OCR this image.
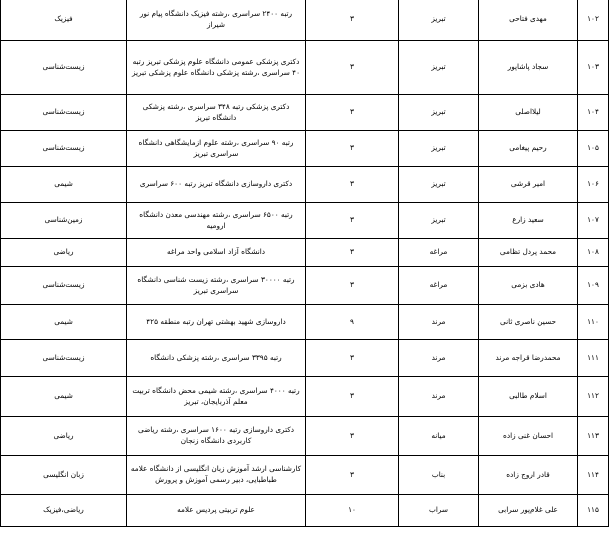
۱۰۲	مهدی فتاحی	تبریز	۳	رتبه ۲۴۰۰ سراسری ،رشته فیزیک دانشگاه پیام نور شیراز	فیزیک
۱۰۳	سجاد پاشاپور	تبریز	۳	دکتری پزشکی عمومی دانشگاه علوم پزشکی تبریز رتبه ۴۰ سراسری ،رشته پزشکی دانشگاه علوم پزشکی تبریز	زیست‌شناسی
۱۰۴	لیلااصلی	تبریز	۳	دکتری پزشکی رتبه ۳۴۸ سراسری ،رشته پزشکی دانشگاه تبریز	زیست‌شناسی
۱۰۵	رحیم پیغامی	تبریز	۳	رتبه ۹۰ سراسری ،رشته علوم ازمایشگاهی دانشگاه سراسری تبریز	زیست‌شناسی
۱۰۶	امیر قرشی	تبریز	۳	دکتری داروسازی دانشگاه تبریز رتبه ۶۰۰ سراسری	شیمی
۱۰۷	سعید زارع	تبریز	۳	رتبه ۶۵۰۰ سراسری ،رشته مهندسی معدن دانشگاه ارومیه	زمین‌شناسی
۱۰۸	محمد پردل تظامی	مراغه	۳	دانشگاه آزاد اسلامی واحد مراغه	ریاضی
۱۰۹	هادی بزمی	مراغه	۳	رتبه ۳۰۰۰۰ سراسری ،رشته زیست شناسی دانشگاه سراسری تبریز	زیست‌شناسی
۱۱۰	حسین ناصری ثانی	مرند	۹	داروسازی شهید بهشتی تهران رتبه منطقه ۴۲۵	شیمی
۱۱۱	محمدرضا قراجه مرند	مرند	۳	رتبه ۳۳۹۵ سراسری ،رشته پزشکی دانشگاه	زیست‌شناسی
۱۱۲	اسلام طالبی	مرند	۳	رتبه ۴۰۰۰ سراسری ،رشته شیمی محض دانشگاه تربیت معلم آذربایجان، تبریز	شیمی
۱۱۳	احسان غنی زاده	میانه	۳	دکتری داروسازی رتبه ۱۶۰۰ سراسری ،رشته ریاضی کاربردی دانشگاه زنجان	ریاضی
۱۱۴	قادر اروج زاده	بناب	۳	کارشناسی ارشد آموزش زبان انگلیسی از دانشگاه علامه طباطبایی، دبیر رسمی آموزش و پرورش	زبان انگلیسی
۱۱۵	علی غلام‌پور سرابی	سراب	۱۰	علوم تربیتی پردیس علامه	ریاضی،فیزیک
